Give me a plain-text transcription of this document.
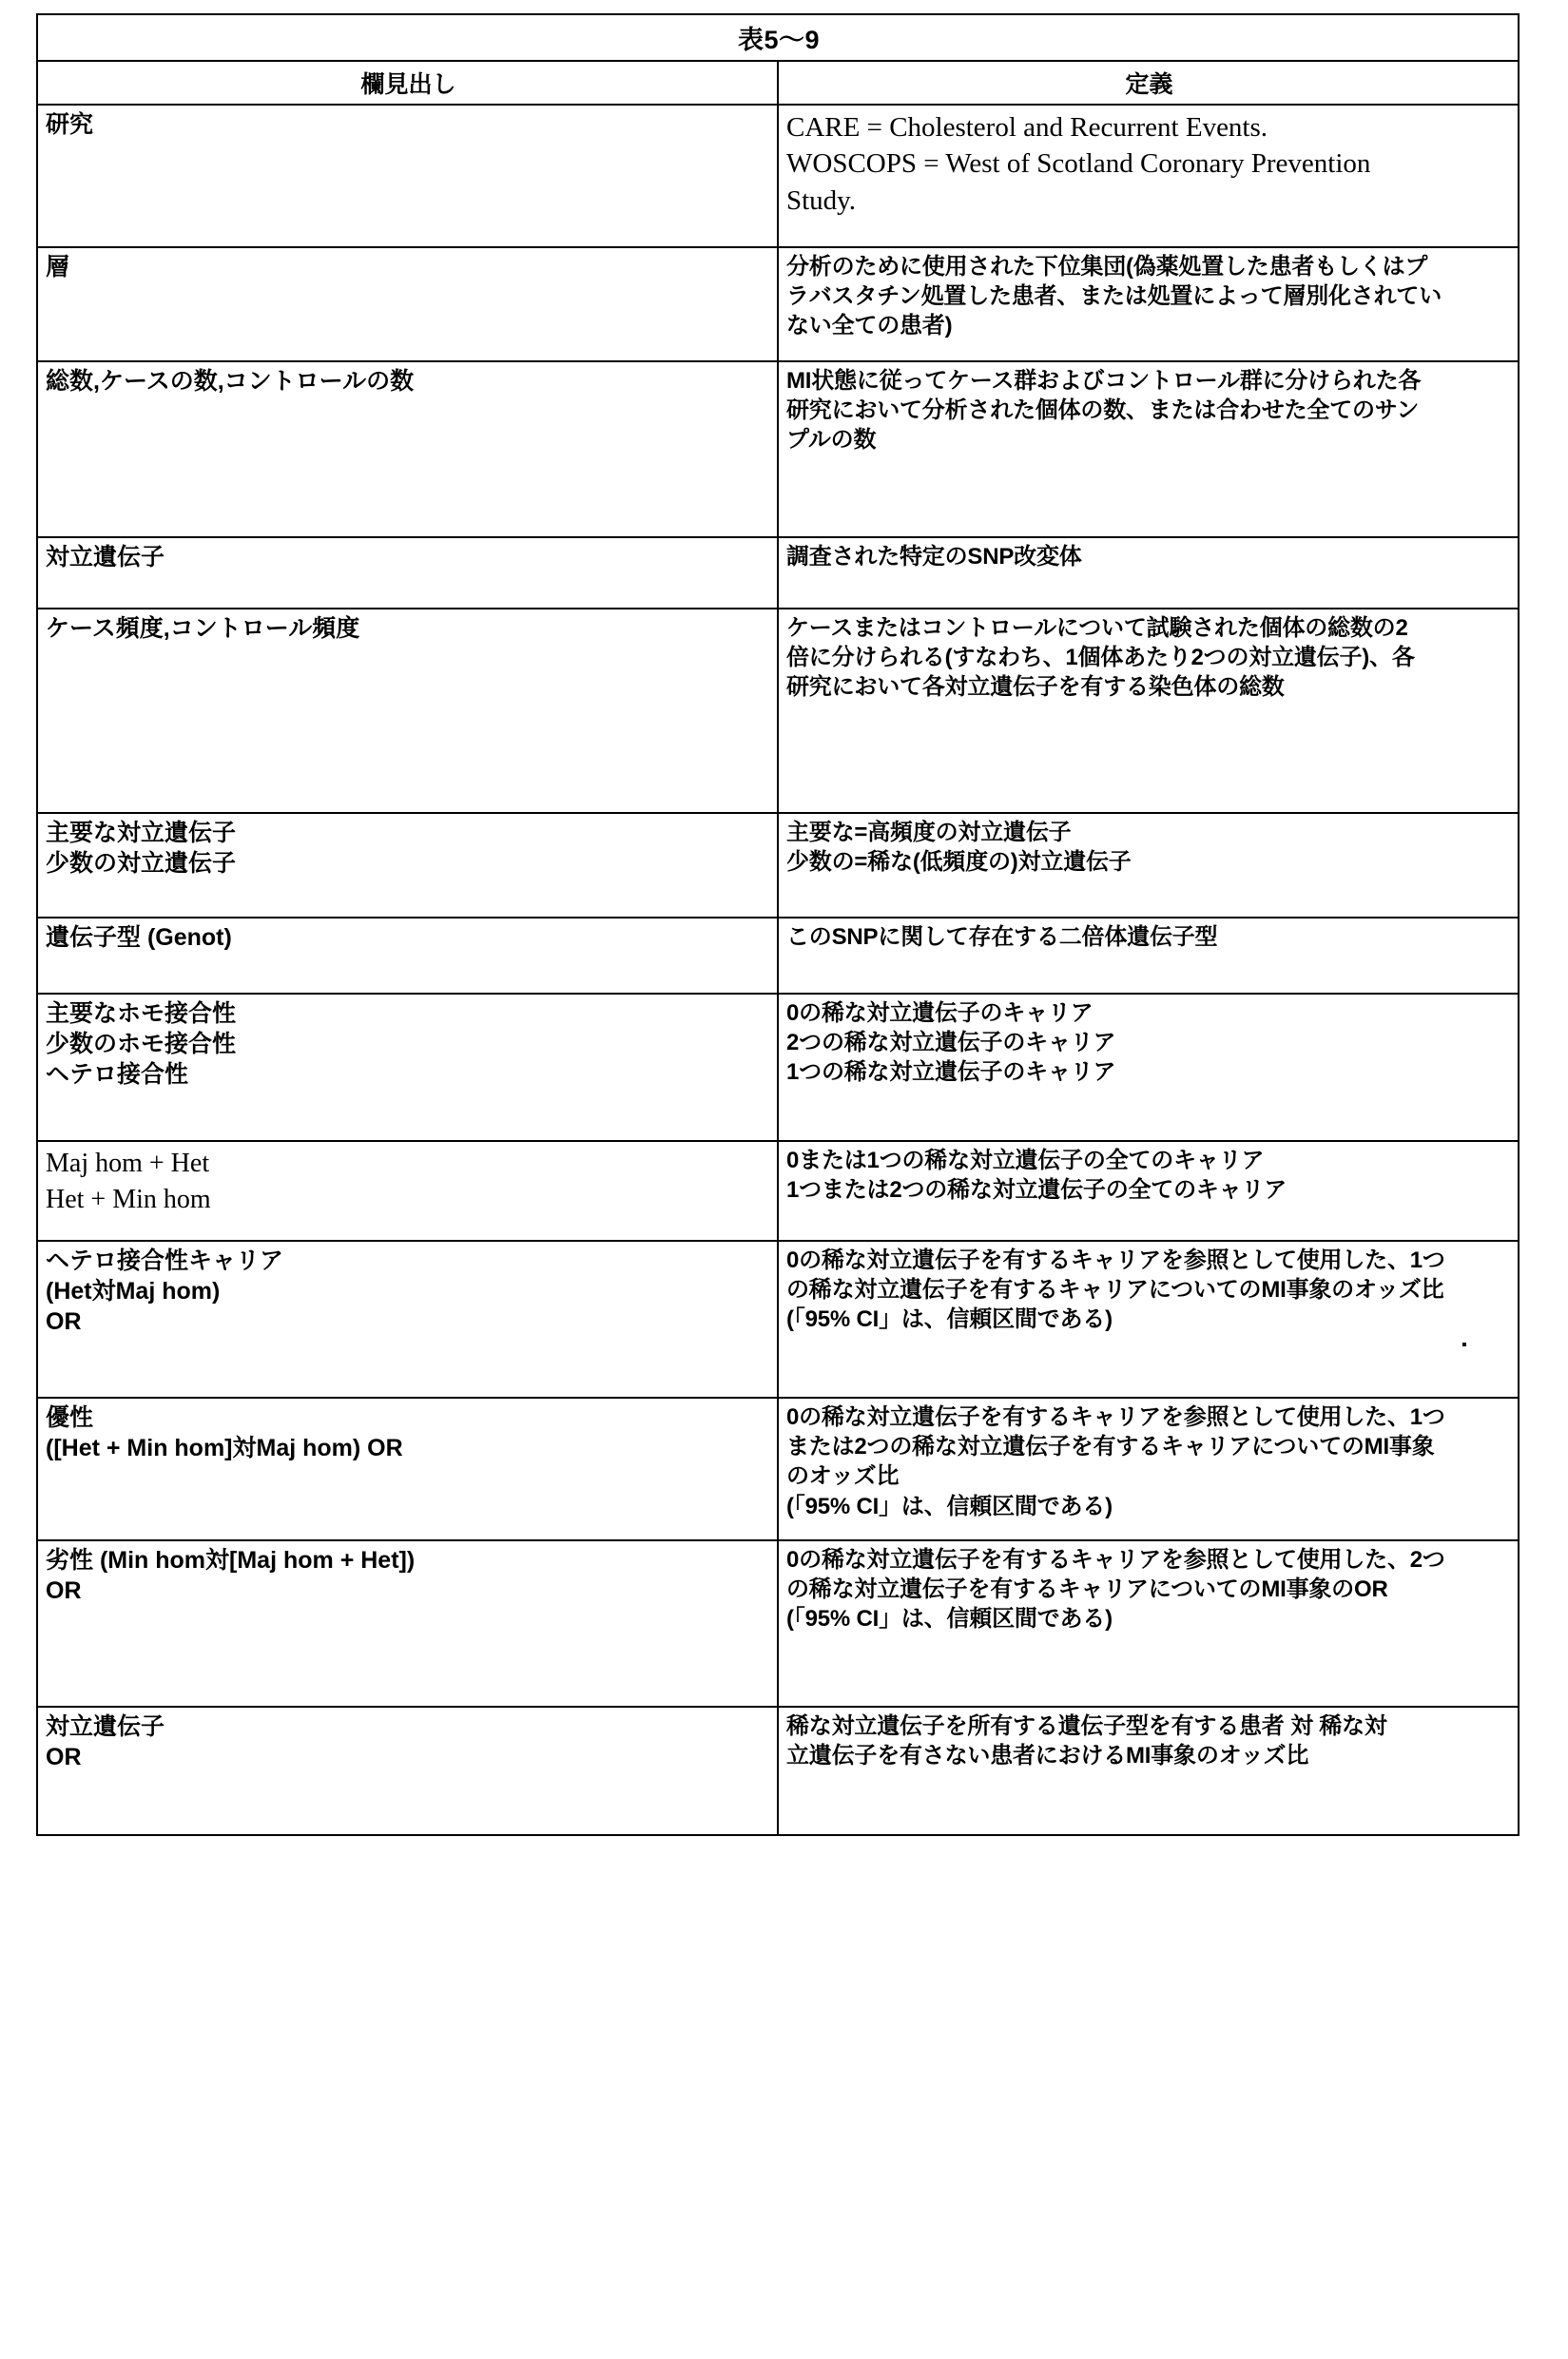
表5～9	
欄見出し	定義

研究	CARE = Cholesterol and Recurrent Events.
WOSCOPS = West of Scotland Coronary Prevention
Study.

層	分析のために使用された下位集団(偽薬処置した患者もしくはプ
ラバスタチン処置した患者、または処置によって層別化されてい
ない全ての患者)

総数,ケースの数,コントロールの数	MI状態に従ってケース群およびコントロール群に分けられた各
研究において分析された個体の数、または合わせた全てのサン
プルの数

対立遺伝子	調査された特定のSNP改変体

ケース頻度,コントロール頻度	ケースまたはコントロールについて試験された個体の総数の2
倍に分けられる(すなわち、1個体あたり2つの対立遺伝子)、各
研究において各対立遺伝子を有する染色体の総数

主要な対立遺伝子
少数の対立遺伝子	主要な=高頻度の対立遺伝子
少数の=稀な(低頻度の)対立遺伝子

遺伝子型 (Genot)	このSNPに関して存在する二倍体遺伝子型

主要なホモ接合性
少数のホモ接合性
ヘテロ接合性	0の稀な対立遺伝子のキャリア
2つの稀な対立遺伝子のキャリア
1つの稀な対立遺伝子のキャリア

Maj hom + Het
Het + Min hom	0または1つの稀な対立遺伝子の全てのキャリア
1つまたは2つの稀な対立遺伝子の全てのキャリア

ヘテロ接合性キャリア
(Het対Maj hom)
OR	0の稀な対立遺伝子を有するキャリアを参照として使用した、1つ
の稀な対立遺伝子を有するキャリアについてのMI事象のオッズ比
(「95% CI」は、信頼区間である)

優性
([Het + Min hom]対Maj hom) OR	0の稀な対立遺伝子を有するキャリアを参照として使用した、1つ
または2つの稀な対立遺伝子を有するキャリアについてのMI事象
のオッズ比
(「95% CI」は、信頼区間である)

劣性 (Min hom対[Maj hom + Het])
OR	0の稀な対立遺伝子を有するキャリアを参照として使用した、2つ
の稀な対立遺伝子を有するキャリアについてのMI事象のOR
(「95% CI」は、信頼区間である)

対立遺伝子
OR	稀な対立遺伝子を所有する遺伝子型を有する患者 対 稀な対
立遺伝子を有さない患者におけるMI事象のオッズ比
